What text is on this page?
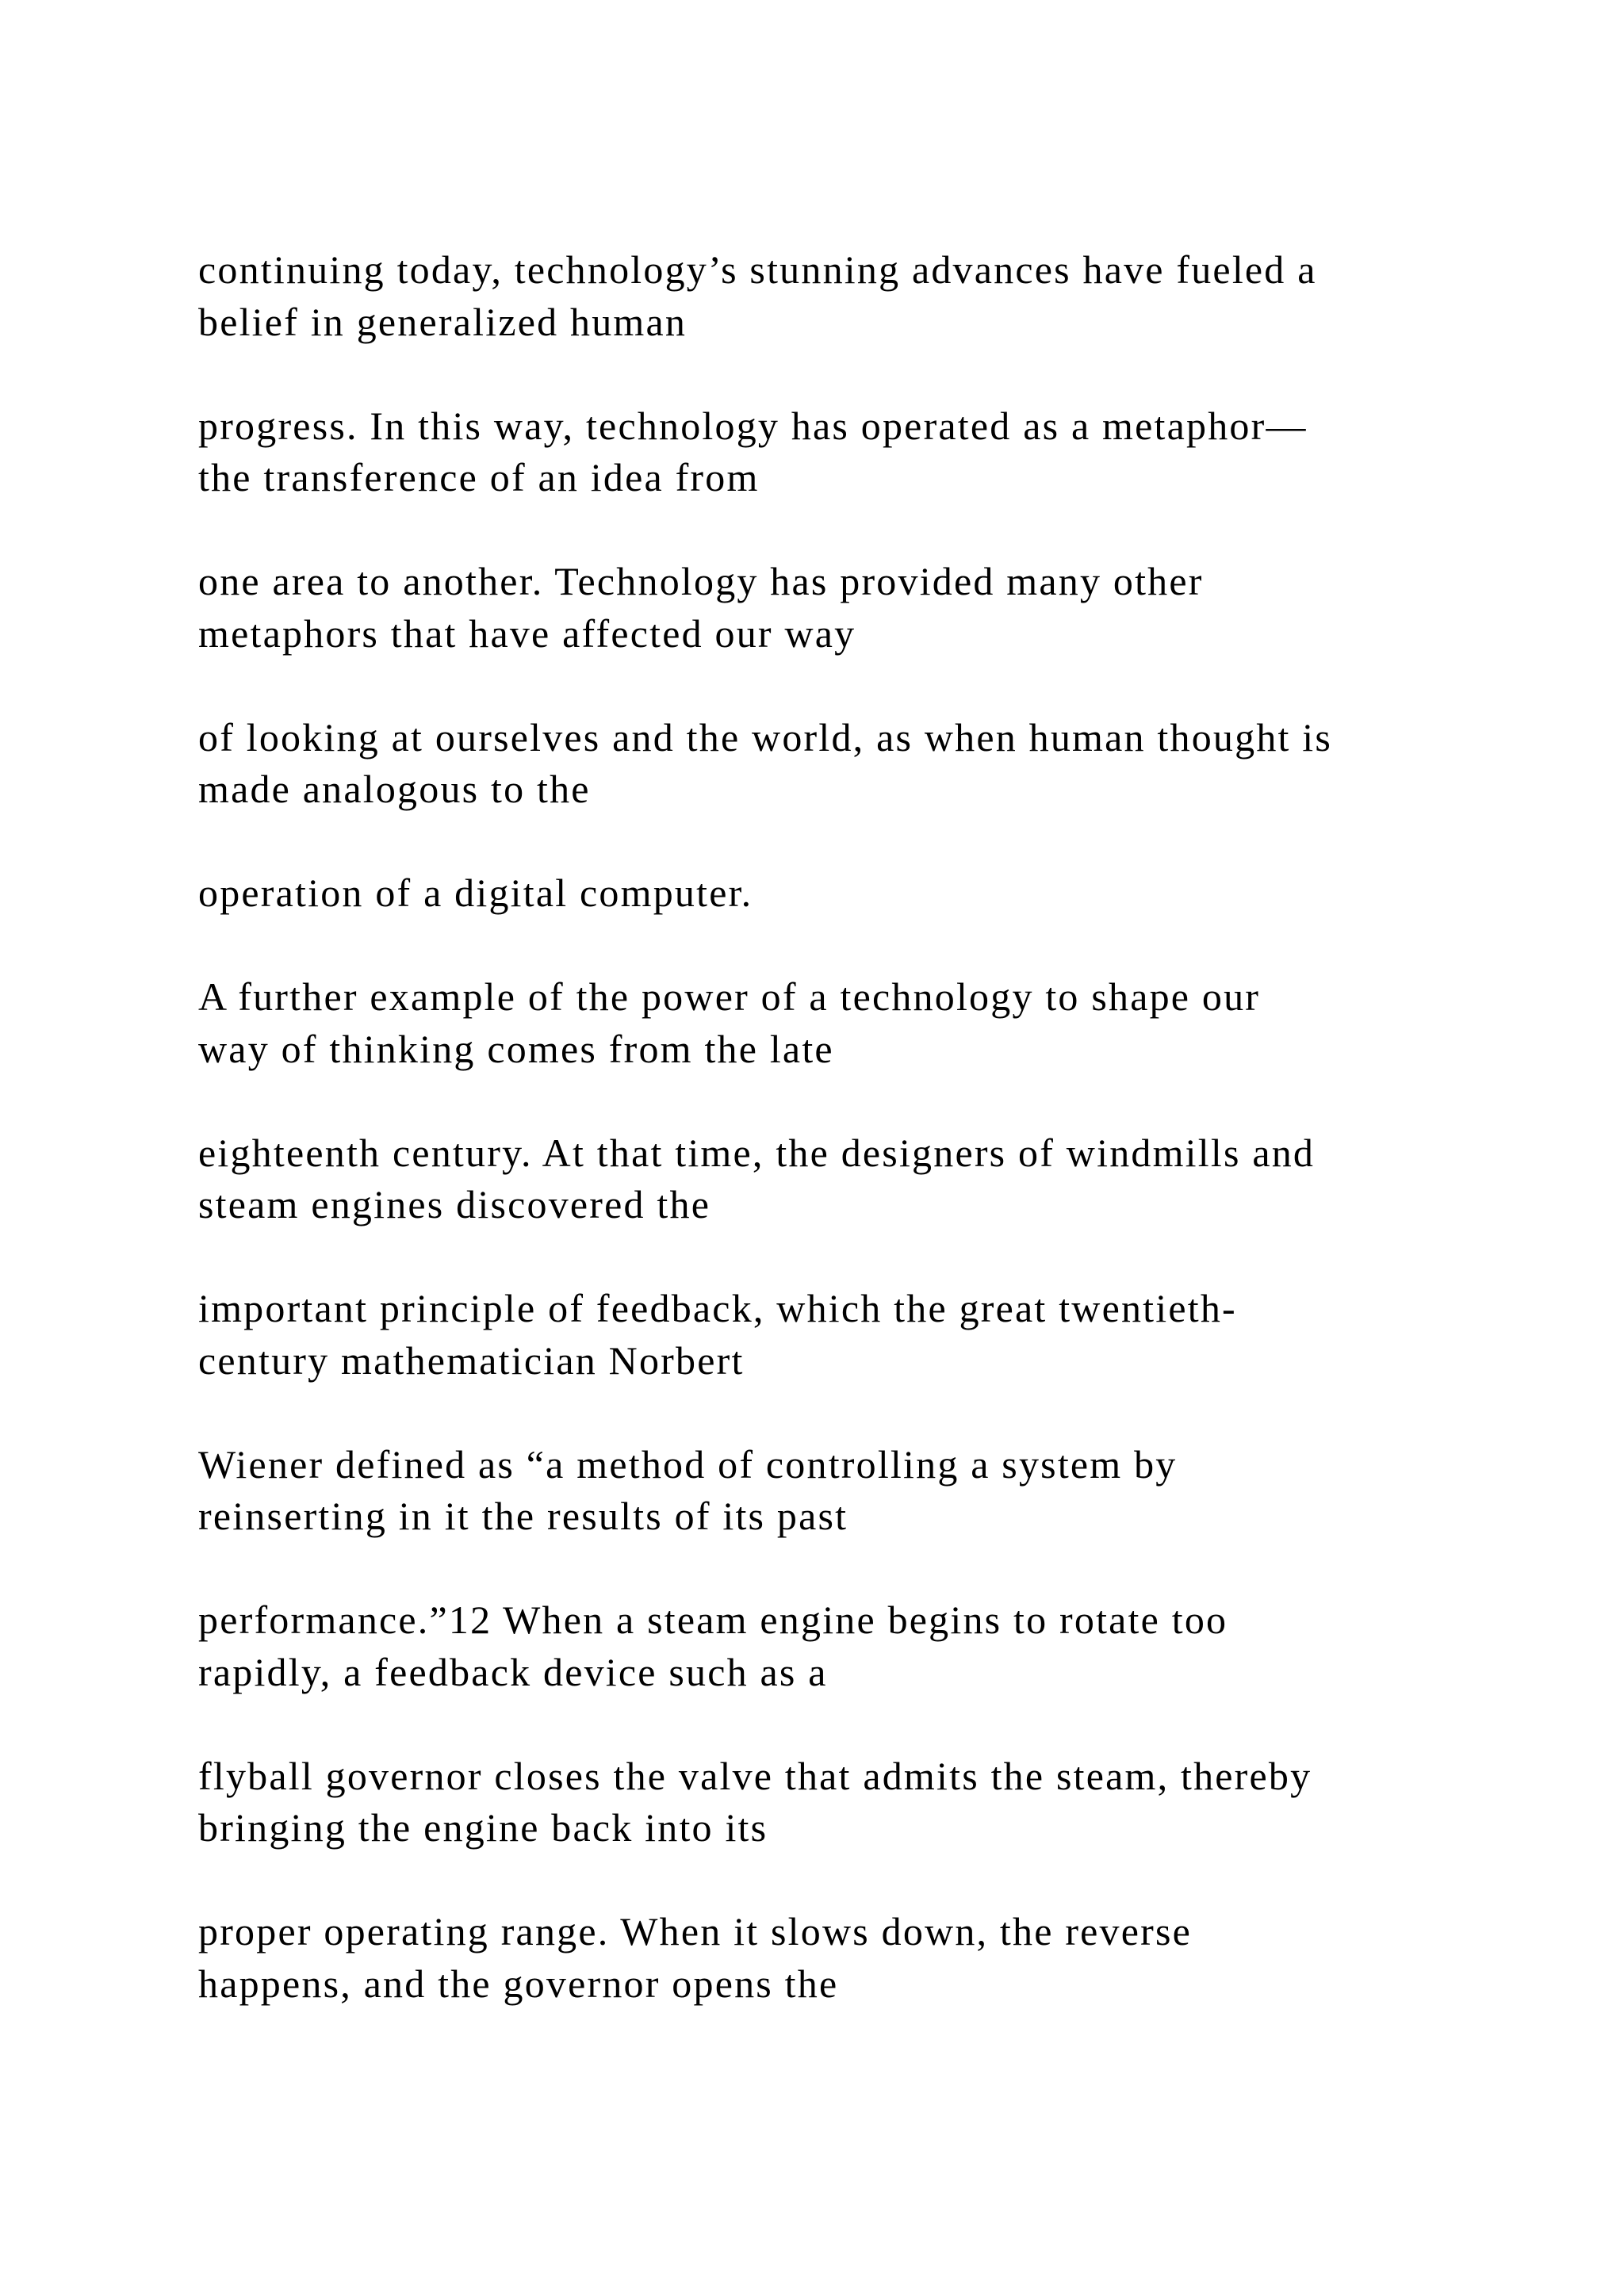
continuing today, technology’s stunning advances have fueled a
belief in generalized human

progress. In this way, technology has operated as a metaphor—
the transference of an idea from

one area to another. Technology has provided many other
metaphors that have affected our way

of looking at ourselves and the world, as when human thought is
made analogous to the

operation of a digital computer.

A further example of the power of a technology to shape our
way of thinking comes from the late

eighteenth century. At that time, the designers of windmills and
steam engines discovered the

important principle of feedback, which the great twentieth-
century mathematician Norbert

Wiener defined as “a method of controlling a system by
reinserting in it the results of its past

performance.”12 When a steam engine begins to rotate too
rapidly, a feedback device such as a

flyball governor closes the valve that admits the steam, thereby
bringing the engine back into its

proper operating range. When it slows down, the reverse
happens, and the governor opens the
